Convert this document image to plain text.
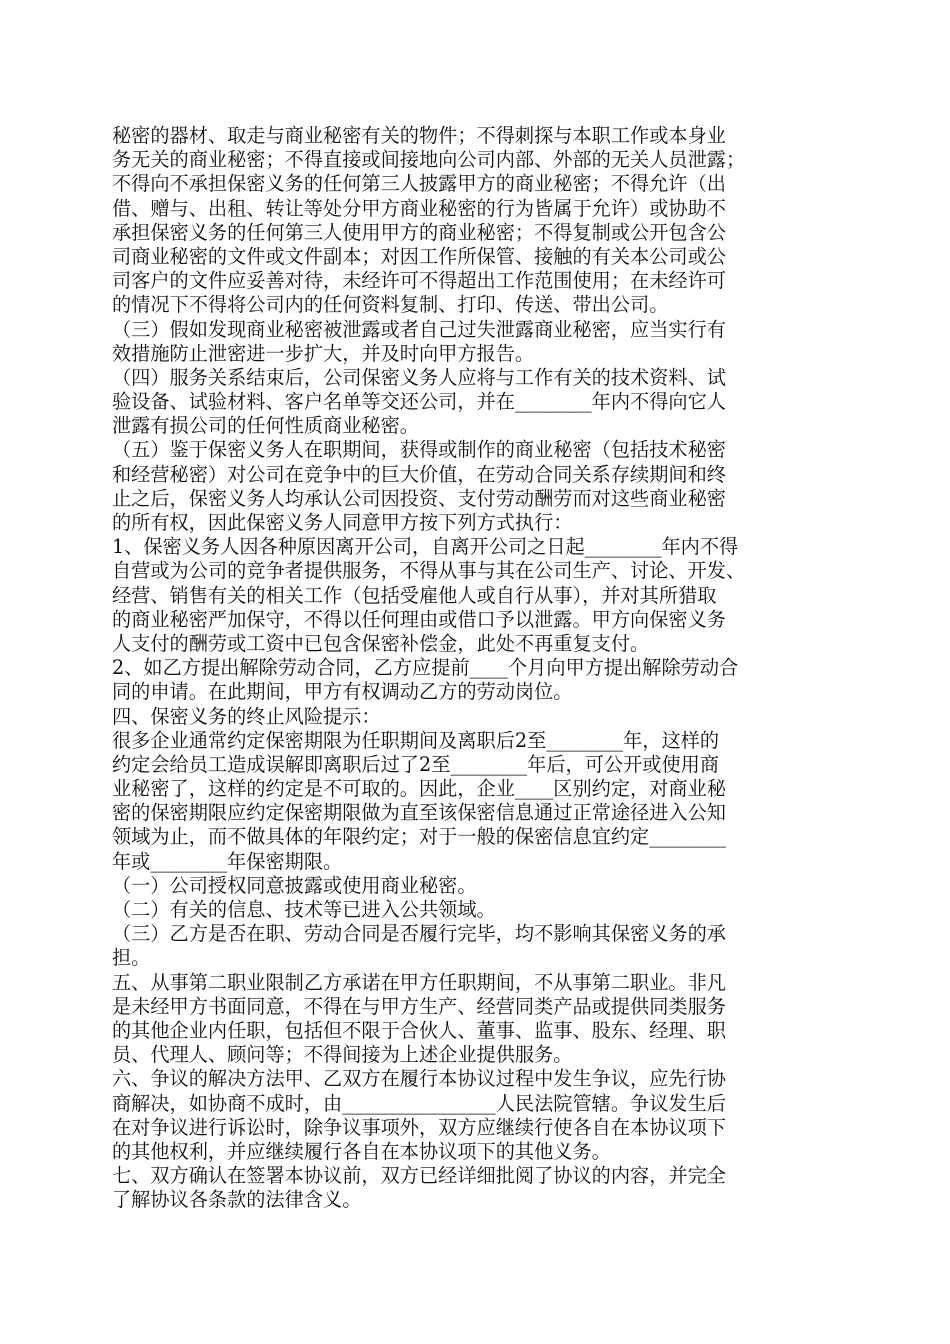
秘密的器材、取走与商业秘密有关的物件；不得刺探与本职工作或本身业
务无关的商业秘密；不得直接或间接地向公司内部、外部的无关人员泄露；
不得向不承担保密义务的任何第三人披露甲方的商业秘密；不得允许（出
借、赠与、出租、转让等处分甲方商业秘密的行为皆属于允许）或协助不
承担保密义务的任何第三人使用甲方的商业秘密；不得复制或公开包含公
司商业秘密的文件或文件副本；对因工作所保管、接触的有关本公司或公
司客户的文件应妥善对待，未经许可不得超出工作范围使用；在未经许可
的情况下不得将公司内的任何资料复制、打印、传送、带出公司。
（三）假如发现商业秘密被泄露或者自己过失泄露商业秘密，应当实行有
效措施防止泄密进一步扩大，并及时向甲方报告。
（四）服务关系结束后，公司保密义务人应将与工作有关的技术资料、试
验设备、试验材料、客户名单等交还公司，并在________年内不得向它人
泄露有损公司的任何性质商业秘密。
（五）鉴于保密义务人在职期间，获得或制作的商业秘密（包括技术秘密
和经营秘密）对公司在竞争中的巨大价值，在劳动合同关系存续期间和终
止之后，保密义务人均承认公司因投资、支付劳动酬劳而对这些商业秘密
的所有权，因此保密义务人同意甲方按下列方式执行：
1、保密义务人因各种原因离开公司，自离开公司之日起________年内不得
自营或为公司的竞争者提供服务，不得从事与其在公司生产、讨论、开发、
经营、销售有关的相关工作（包括受雇他人或自行从事），并对其所猎取
的商业秘密严加保守，不得以任何理由或借口予以泄露。甲方向保密义务
人支付的酬劳或工资中已包含保密补偿金，此处不再重复支付。
2、如乙方提出解除劳动合同，乙方应提前____个月向甲方提出解除劳动合
同的申请。在此期间，甲方有权调动乙方的劳动岗位。
四、保密义务的终止风险提示：
很多企业通常约定保密期限为任职期间及离职后2至________年，这样的
约定会给员工造成误解即离职后过了2至________年后，可公开或使用商
业秘密了，这样的约定是不可取的。因此，企业____区别约定，对商业秘
密的保密期限应约定保密期限做为直至该保密信息通过正常途径进入公知
领域为止，而不做具体的年限约定；对于一般的保密信息宜约定________
年或________年保密期限。
（一）公司授权同意披露或使用商业秘密。
（二）有关的信息、技术等已进入公共领域。
（三）乙方是否在职、劳动合同是否履行完毕，均不影响其保密义务的承
担。
五、从事第二职业限制乙方承诺在甲方任职期间，不从事第二职业。非凡
是未经甲方书面同意，不得在与甲方生产、经营同类产品或提供同类服务
的其他企业内任职，包括但不限于合伙人、董事、监事、股东、经理、职
员、代理人、顾问等；不得间接为上述企业提供服务。
六、争议的解决方法甲、乙双方在履行本协议过程中发生争议，应先行协
商解决，如协商不成时，由________________人民法院管辖。争议发生后
在对争议进行诉讼时，除争议事项外，双方应继续行使各自在本协议项下
的其他权利，并应继续履行各自在本协议项下的其他义务。
七、双方确认在签署本协议前，双方已经详细批阅了协议的内容，并完全
了解协议各条款的法律含义。
